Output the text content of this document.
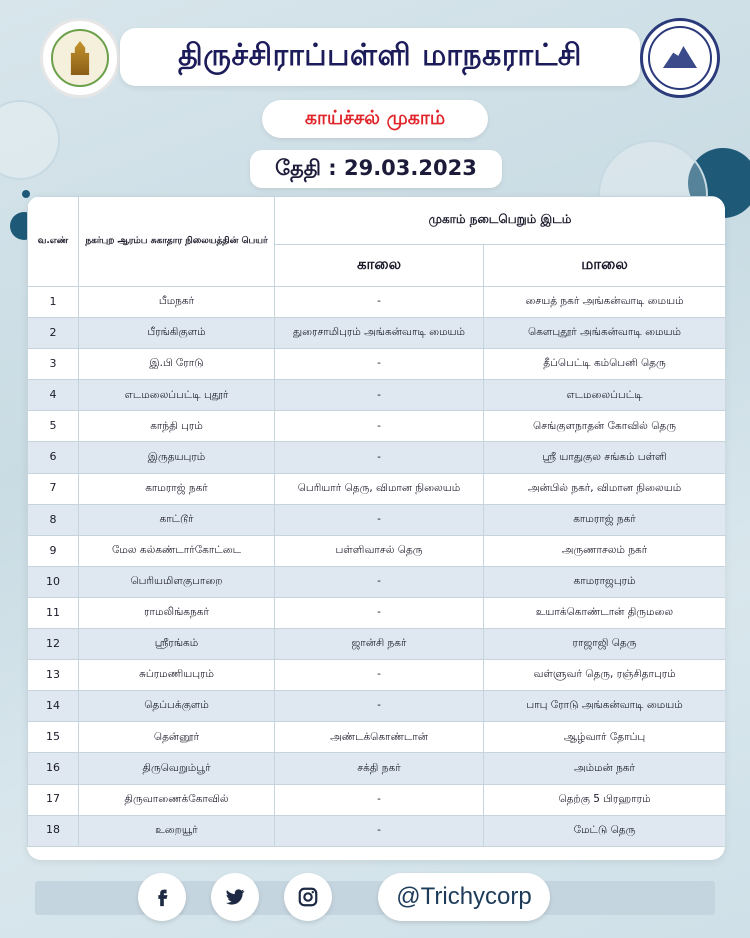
திருச்சிராப்பள்ளி மாநகராட்சி
காய்ச்சல் முகாம்
தேதி : 29.03.2023
வ.எண்	நகர்புற ஆரம்ப சுகாதார நிலையத்தின் பெயர்	முகாம் நடைபெறும் இடம்	
		காலை	மாலை
1	பீமநகர்	-	சையத் நகர் அங்கன்வாடி மையம்
2	பீரங்கிகுளம்	துரைசாமிபுரம் அங்கன்வாடி மையம்	கௌபுதூர் அங்கன்வாடி மையம்
3	இ.பி ரோடு	-	தீப்பெட்டி கம்பெனி தெரு
4	எடமலைப்பட்டி புதூர்	-	எடமலைப்பட்டி
5	காந்தி புரம்	-	செங்குளநாதன் கோவில் தெரு
6	இருதயபுரம்	-	ஸ்ரீ யாதுகுல சங்கம் பள்ளி
7	காமராஜ் நகர்	பெரியார் தெரு, விமான நிலையம்	அன்பில் நகர், விமான நிலையம்
8	காட்டூர்	-	காமராஜ் நகர்
9	மேல கல்கண்டார்கோட்டை	பள்ளிவாசல் தெரு	அருணாசலம் நகர்
10	பெரியமிளகுபாறை	-	காமராஜபுரம்
11	ராமலிங்கநகர்	-	உயாக்கொண்டான் திருமலை
12	ஸ்ரீரங்கம்	ஜான்சி நகர்	ராஜாஜி தெரு
13	சுப்ரமணியபுரம்	-	வள்ளுவர் தெரு, ரஞ்சிதாபுரம்
14	தெப்பக்குளம்	-	பாபு ரோடு அங்கன்வாடி மையம்
15	தென்னூர்	அண்டக்கொண்டான்	ஆழ்வார் தோப்பு
16	திருவெறும்பூர்	சக்தி நகர்	அம்மன் நகர்
17	திருவாணைக்கோவில்	-	தெற்கு 5 பிரஹாரம்
18	உறையூர்	-	மேட்டு தெரு
@Trichycorp
